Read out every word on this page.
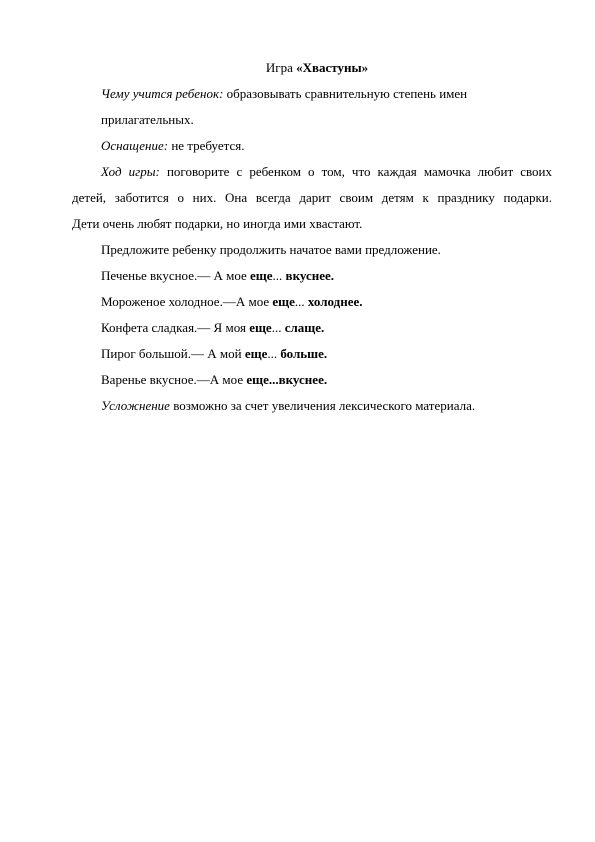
Игра «Хвастуны»
Чему учится ребенок: образовывать сравнительную степень имен
прилагательных.
Оснащение: не требуется.
Ход игры: поговорите с ребенком о том, что каждая мамочка любит своих
детей, заботится о них. Она всегда дарит своим детям к празднику подарки.
Дети очень любят подарки, но иногда ими хвастают.
Предложите ребенку продолжить начатое вами предложение.
Печенье вкусное.— А мое еще... вкуснее.
Мороженое холодное.—А мое еще... холоднее.
Конфета сладкая.— Я моя еще... слаще.
Пирог большой.— А мой еще... больше.
Варенье вкусное.—А мое еще...вкуснее.
Усложнение возможно за счет увеличения лексического материала.
